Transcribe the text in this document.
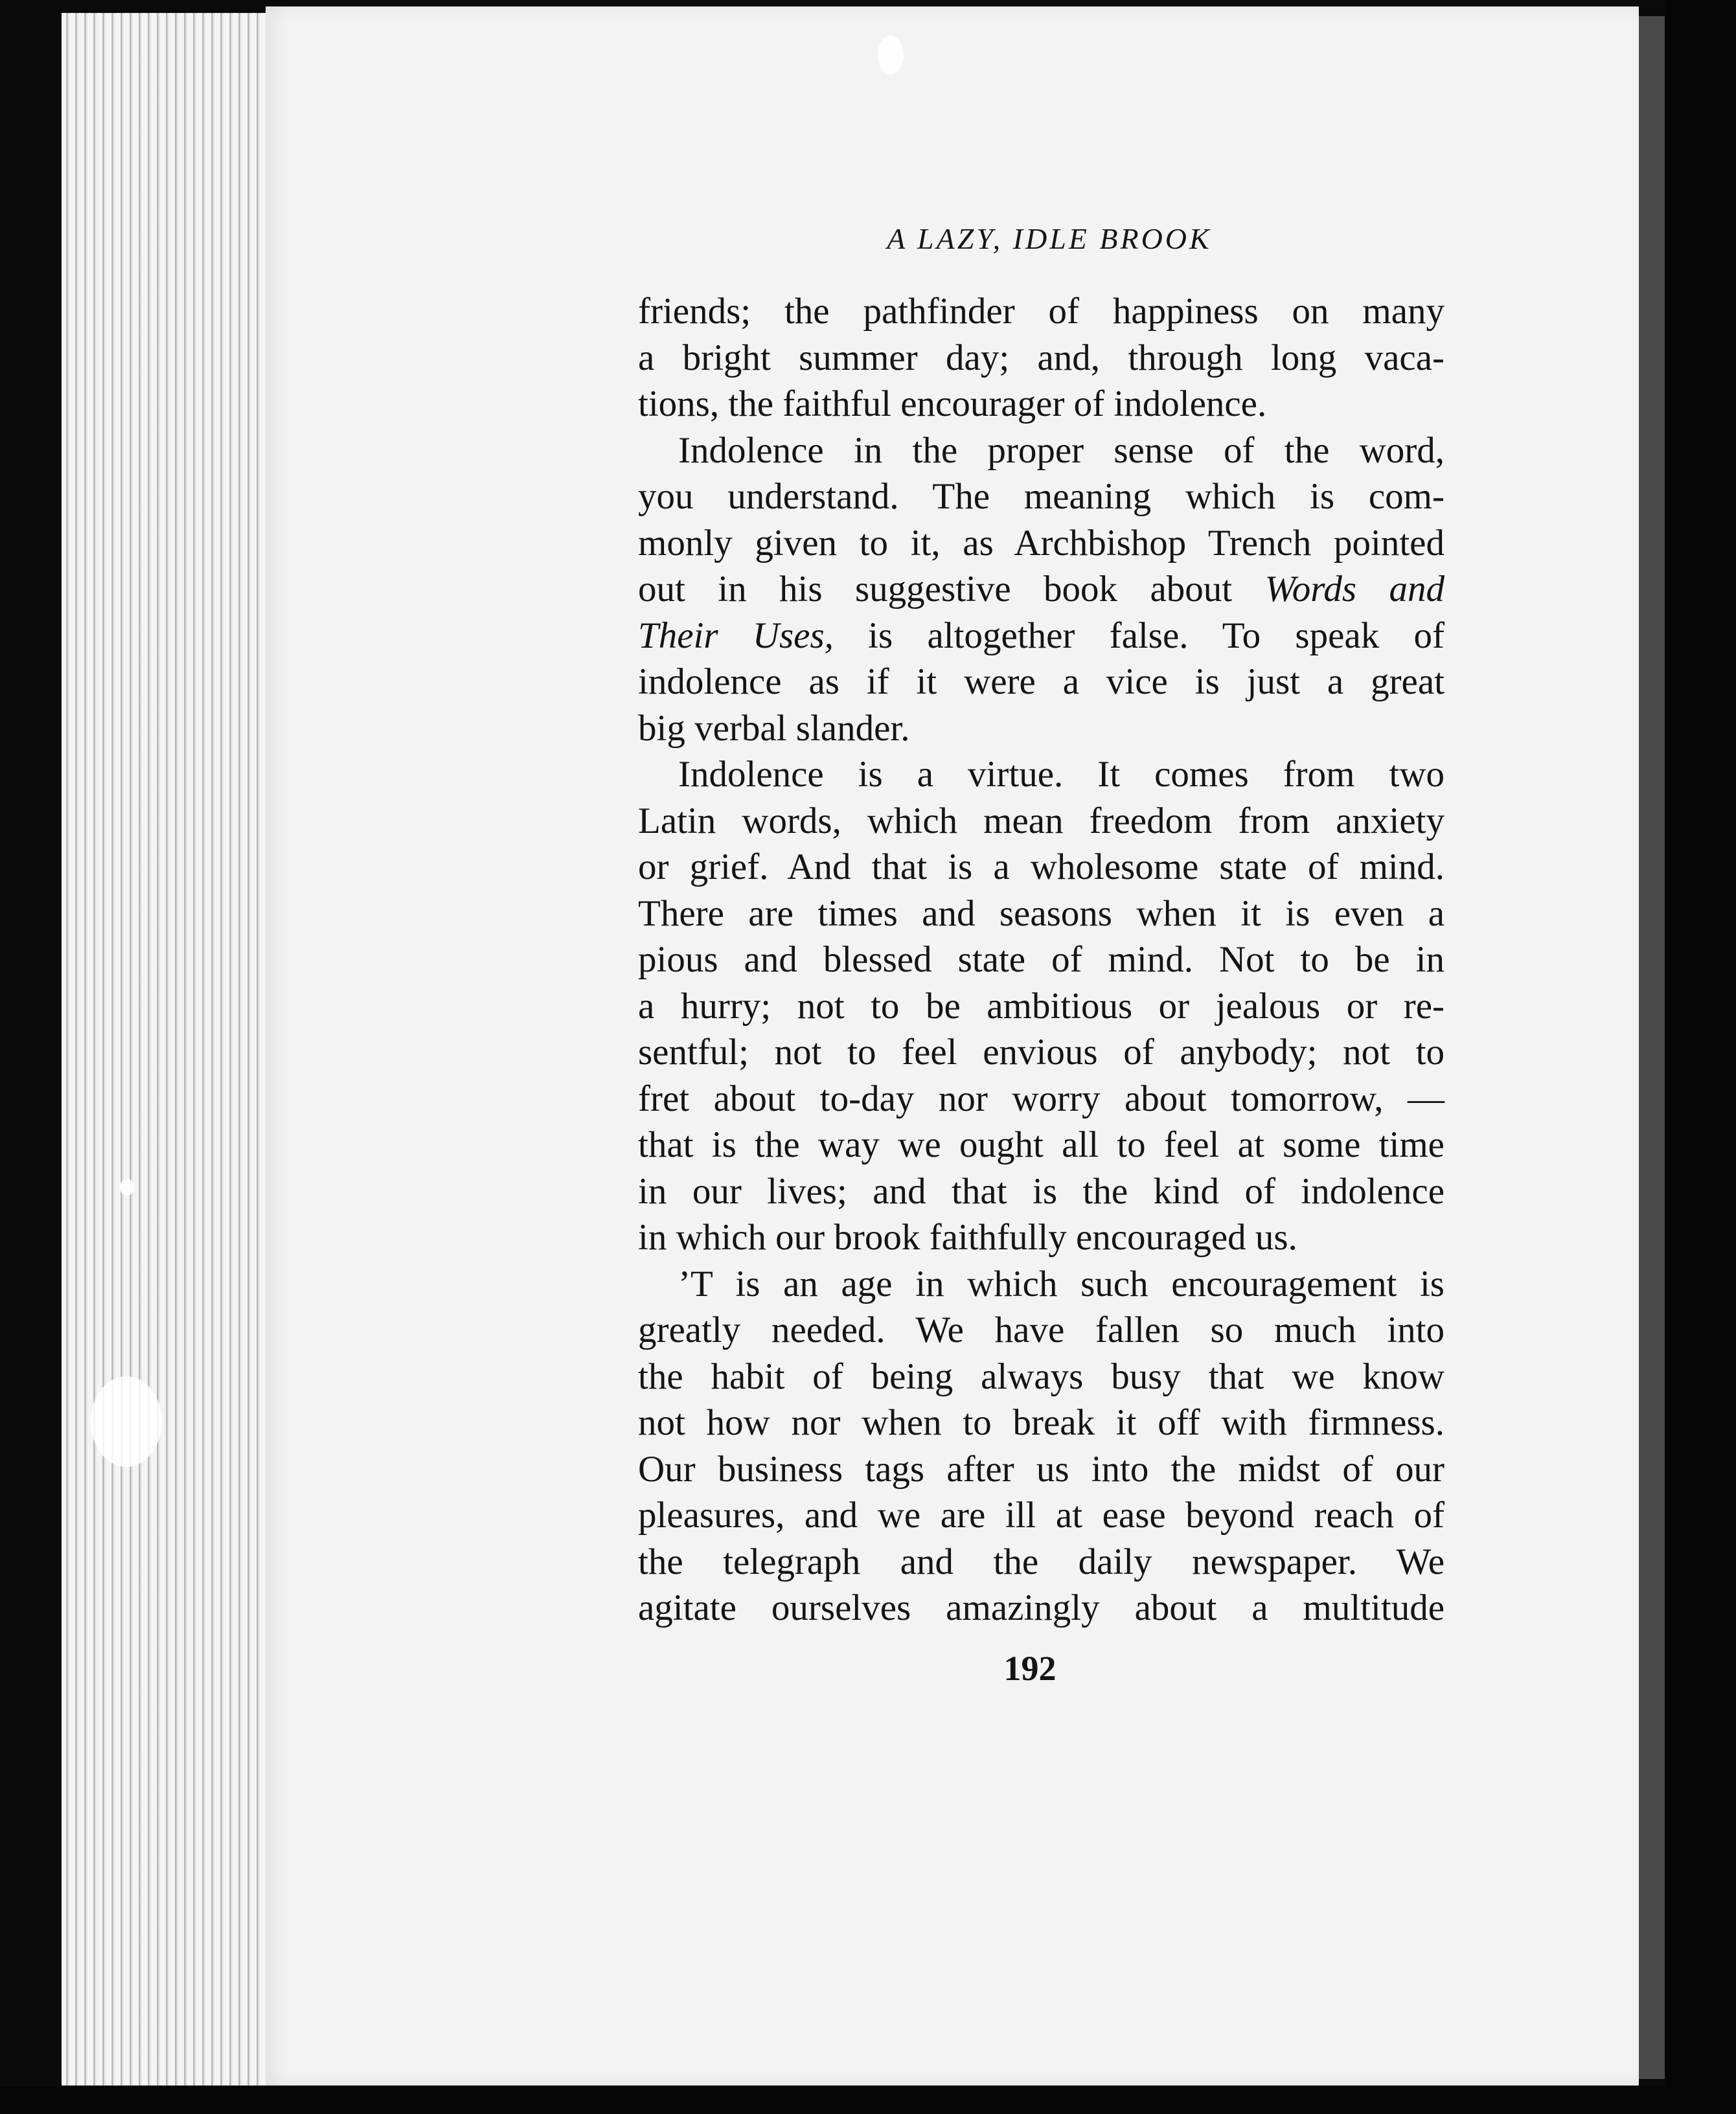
A LAZY, IDLE BROOK

friends; the pathfinder of happiness on many
a bright summer day; and, through long vaca-
tions, the faithful encourager of indolence.

Indolence in the proper sense of the word,
you understand. The meaning which is com-
monly given to it, as Archbishop Trench pointed
out in his suggestive book about Words and
Their Uses, is altogether false. To speak of
indolence as if it were a vice is just a great
big verbal slander.

Indolence is a virtue. It comes from two
Latin words, which mean freedom from anxiety
or grief. And that is a wholesome state of mind.
There are times and seasons when it is even a
pious and blessed state of mind. Not to be in
a hurry; not to be ambitious or jealous or re-
sentful; not to feel envious of anybody; not to
fret about to-day nor worry about tomorrow, —
that is the way we ought all to feel at some time
in our lives; and that is the kind of indolence
in which our brook faithfully encouraged us.

’T is an age in which such encouragement is
greatly needed. We have fallen so much into
the habit of being always busy that we know
not how nor when to break it off with firmness.
Our business tags after us into the midst of our
pleasures, and we are ill at ease beyond reach of
the telegraph and the daily newspaper. We
agitate ourselves amazingly about a multitude

192
